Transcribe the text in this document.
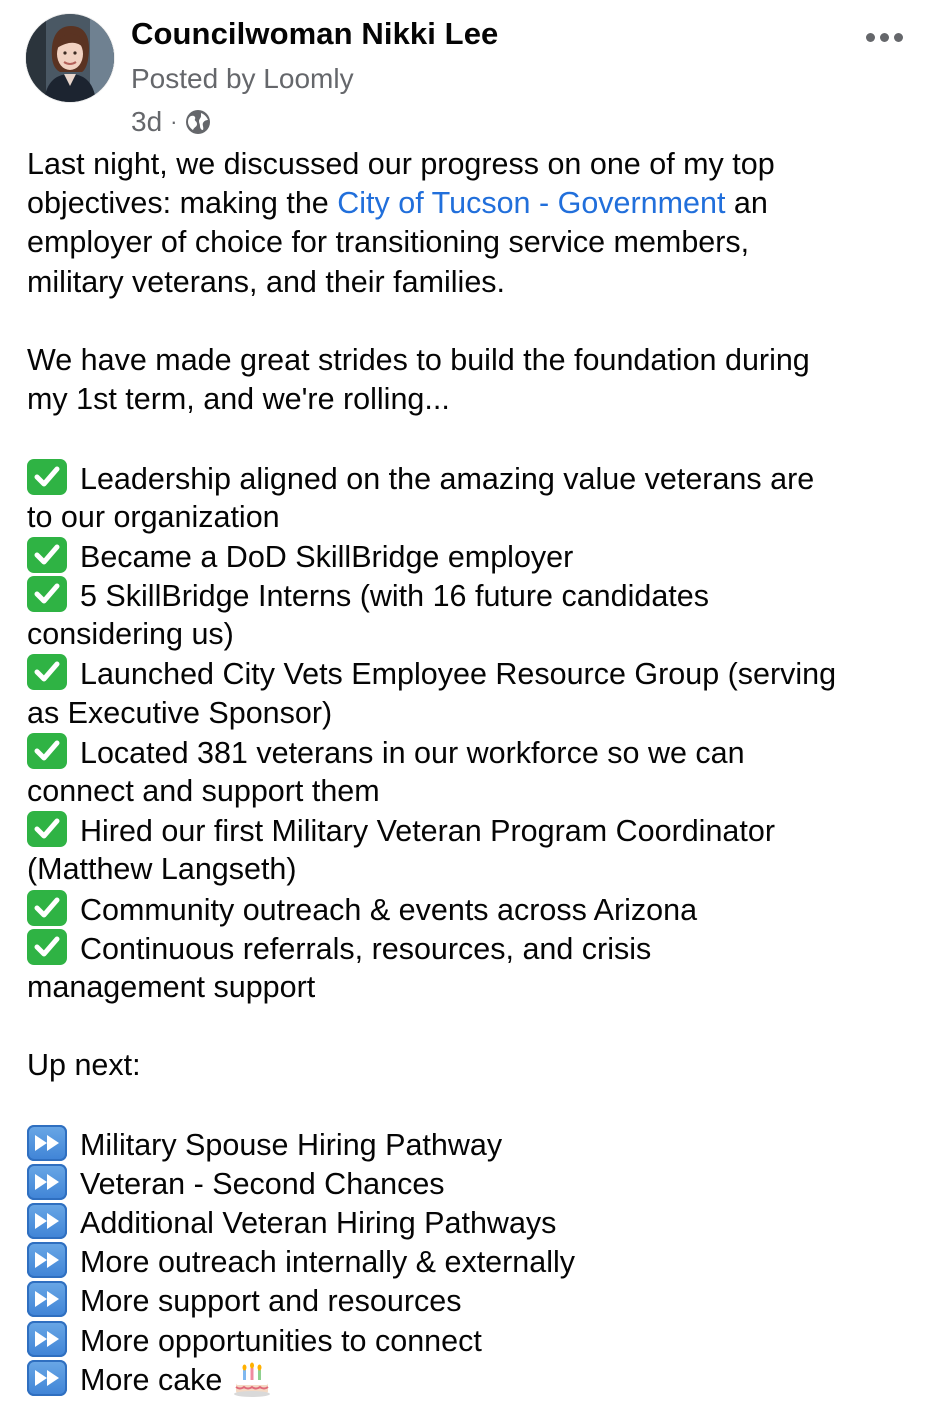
Councilwoman Nikki Lee
Posted by Loomly
3d ·
Last night, we discussed our progress on one of my top
objectives: making the City of Tucson - Government an
employer of choice for transitioning service members,
military veterans, and their families.
We have made great strides to build the foundation during
my 1st term, and we're rolling...
Leadership aligned on the amazing value veterans are
to our organization
Became a DoD SkillBridge employer
5 SkillBridge Interns (with 16 future candidates
considering us)
Launched City Vets Employee Resource Group (serving
as Executive Sponsor)
Located 381 veterans in our workforce so we can
connect and support them
Hired our first Military Veteran Program Coordinator
(Matthew Langseth)
Community outreach & events across Arizona
Continuous referrals, resources, and crisis
management support
Up next:
Military Spouse Hiring Pathway
Veteran - Second Chances
Additional Veteran Hiring Pathways
More outreach internally & externally
More support and resources
More opportunities to connect
More cake
